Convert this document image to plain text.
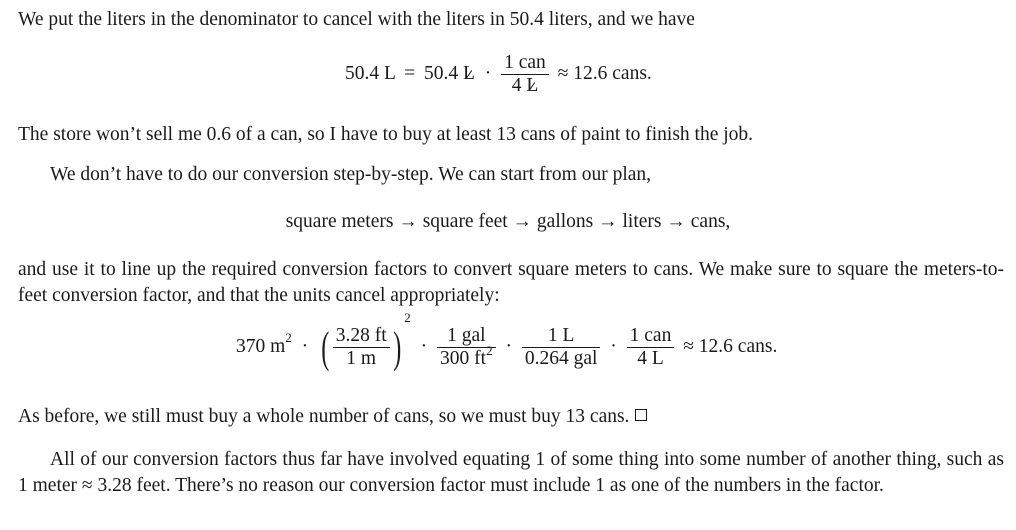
We put the liters in the denominator to cancel with the liters in 50.4 liters, and we have

50.4 L = 50.4 $L \cdot \frac{\text{1 can}}{4 L} \approx 12.6$ cans.

The store won’t sell me 0.6 of a can, so I have to buy at least 13 cans of paint to finish the job.

We don’t have to do our conversion step-by-step. We can start from our plan,

square meters → square feet → gallons → liters → cans,

and use it to line up the required conversion factors to convert square meters to cans. We make sure to square the meters-to-feet conversion factor, and that the units cancel appropriately:

370 $m^2$ · ( $\frac{3.28 ft}{1 m} )^2 \cdot \frac{\text{1 gal}}{300 ft^2} \cdot \frac{1 L}{\text{0.264 gal}} \cdot \frac{\text{1 can}}{4 L} \approx 12.6$ cans.

As before, we still must buy a whole number of cans, so we must buy 13 cans.

All of our conversion factors thus far have involved equating 1 of some thing into some number of another thing, such as 1 meter ≈ 3.28 feet. There’s no reason our conversion factor must include 1 as one of the numbers in the factor.
